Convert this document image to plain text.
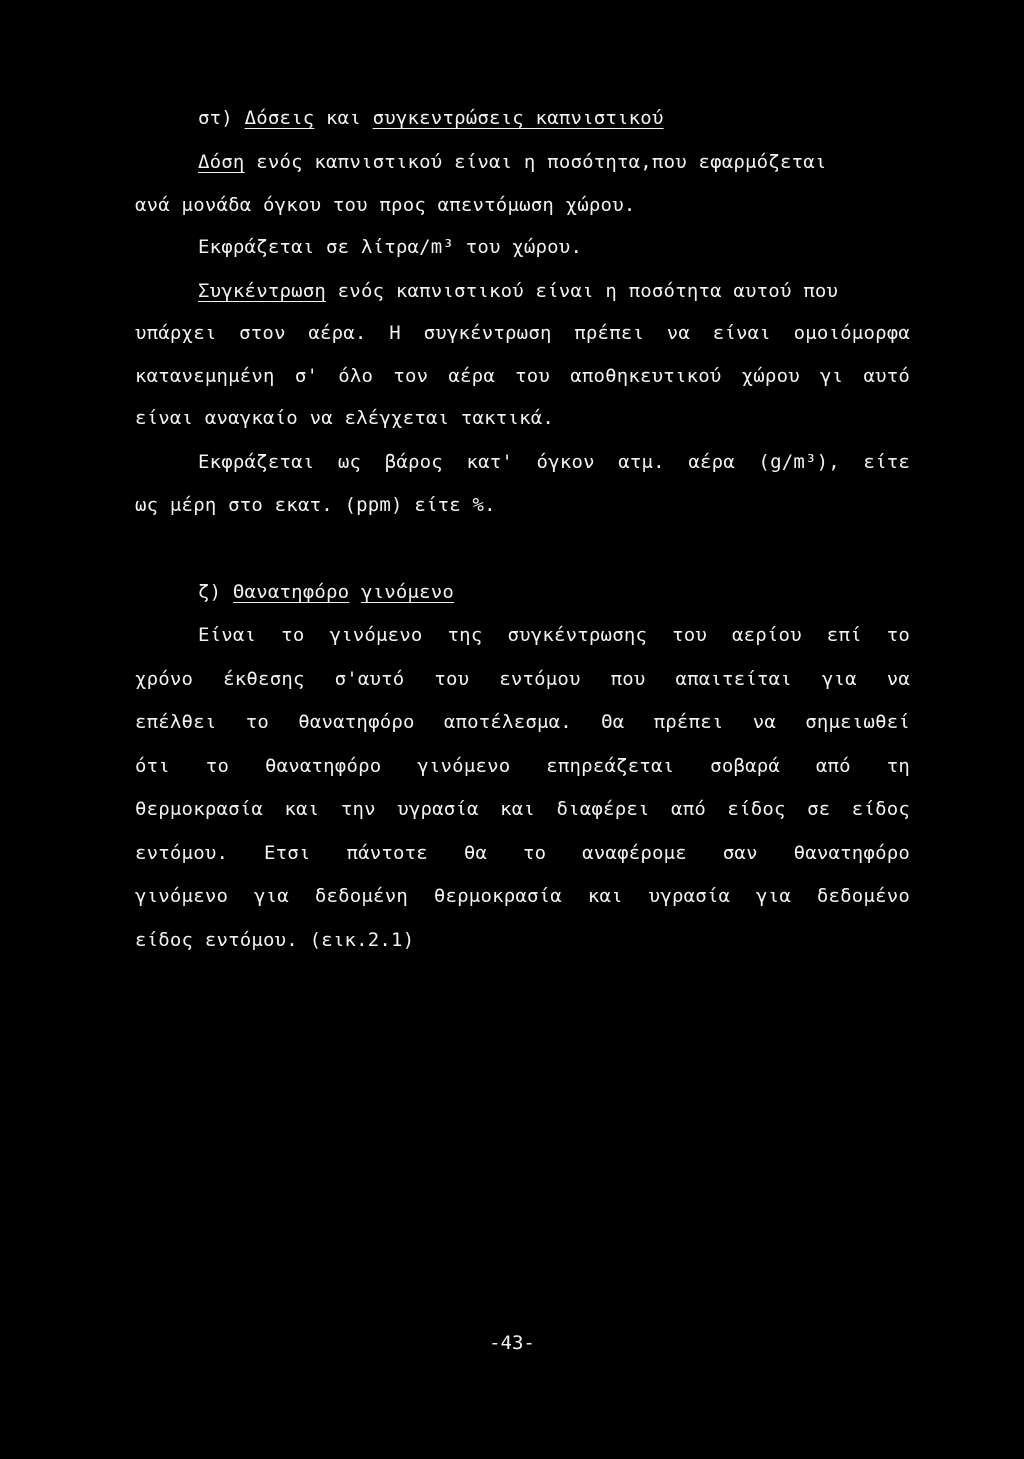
στ) Δόσεις και συγκεντρώσεις καπνιστικού
Δόση ενός καπνιστικού είναι η ποσότητα,που εφαρμόζεται
ανά μονάδα όγκου του προς απεντόμωση χώρου.
Εκφράζεται σε λίτρα/m³ του χώρου.
Συγκέντρωση ενός καπνιστικού είναι η ποσότητα αυτού που
υπάρχει στον αέρα. Η συγκέντρωση πρέπει να είναι ομοιόμορφα
κατανεμημένη σ' όλο τον αέρα του αποθηκευτικού χώρου γι αυτό
είναι αναγκαίο να ελέγχεται τακτικά.
Εκφράζεται ως βάρος κατ' όγκον ατμ. αέρα (g/m³), είτε
ως μέρη στο εκατ. (ppm) είτε %.
ζ) Θανατηφόρο γινόμενο
Είναι το γινόμενο της συγκέντρωσης του αερίου επί το
χρόνο έκθεσης σ'αυτό του εντόμου που απαιτείται για να
επέλθει το θανατηφόρο αποτέλεσμα. Θα πρέπει να σημειωθεί
ότι το θανατηφόρο γινόμενο επηρεάζεται σοβαρά από τη
θερμοκρασία και την υγρασία και διαφέρει από είδος σε είδος
εντόμου. Ετσι πάντοτε θα το αναφέρομε σαν θανατηφόρο
γινόμενο για δεδομένη θερμοκρασία και υγρασία για δεδομένο
είδος εντόμου. (εικ.2.1)
-43-
